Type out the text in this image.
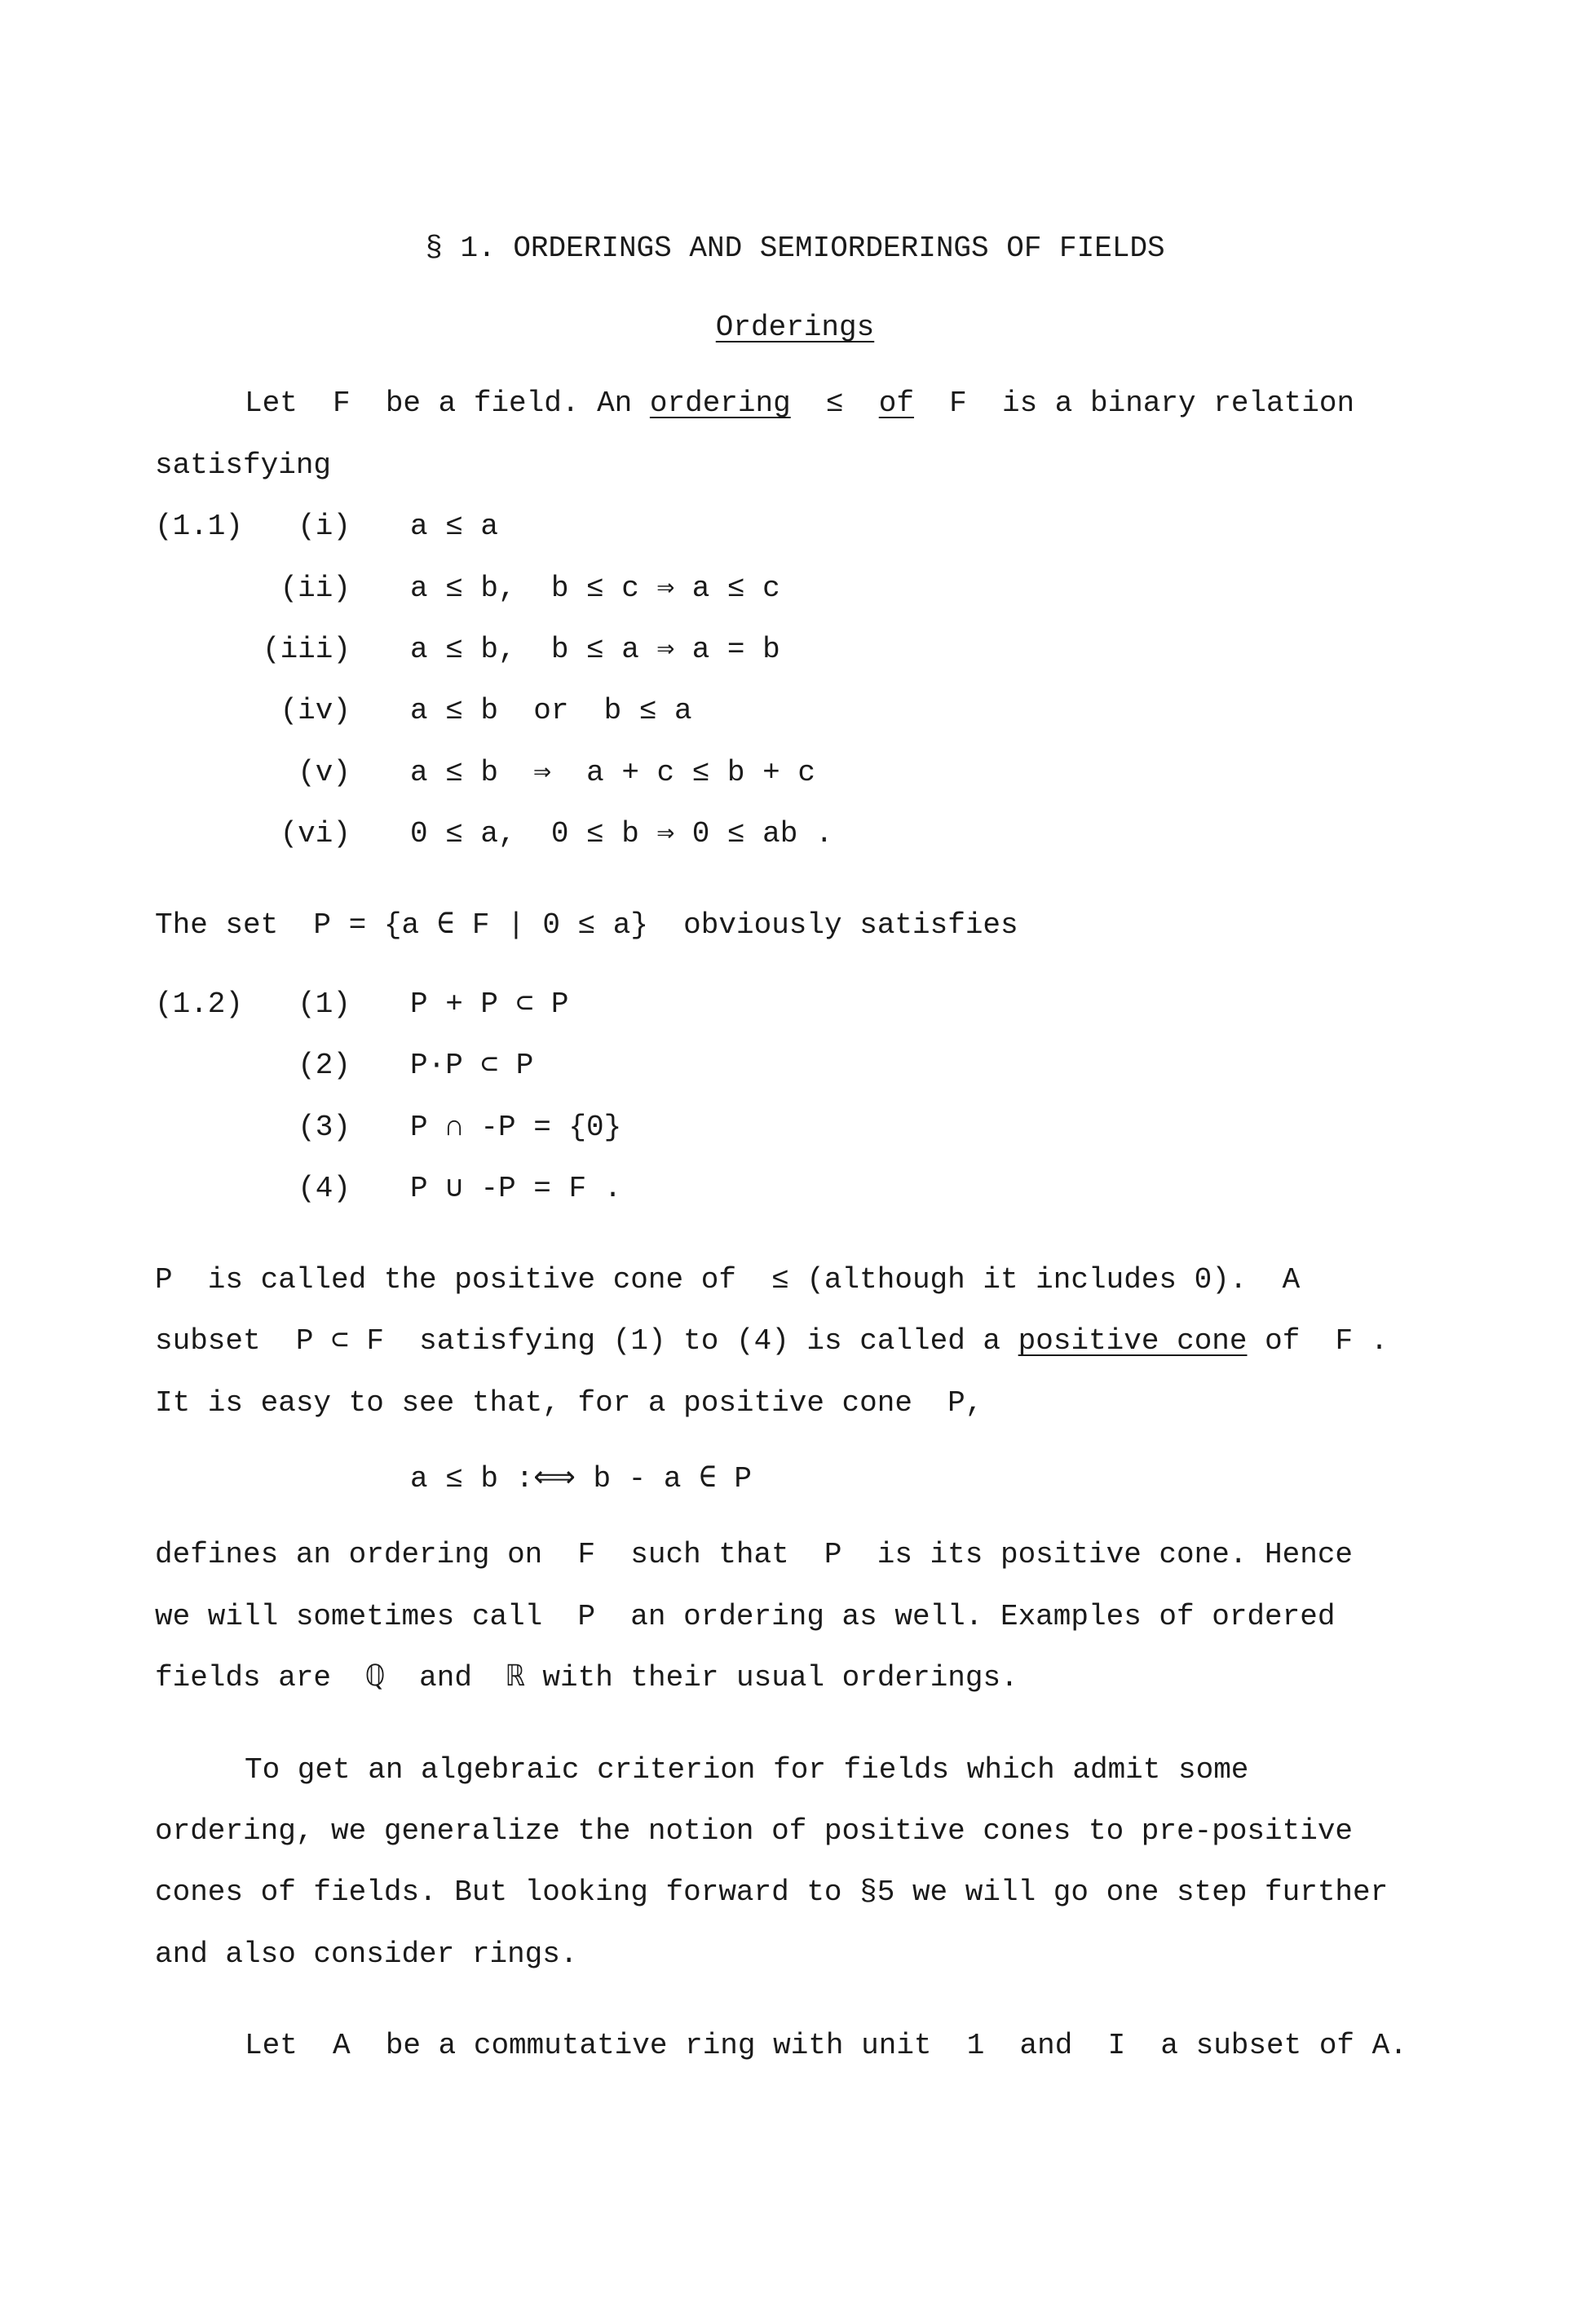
§ 1. ORDERINGS AND SEMIORDERINGS OF FIELDS
Orderings
Let  F  be a field. An ordering  ≤  of  F  is a binary relation
satisfying
(1.1) (i) a ≤ a
(ii) a ≤ b,  b ≤ c ⇒ a ≤ c
(iii) a ≤ b,  b ≤ a ⇒ a = b
(iv) a ≤ b  or  b ≤ a
(v) a ≤ b  ⇒  a + c ≤ b + c
(vi) 0 ≤ a,  0 ≤ b ⇒ 0 ≤ ab .
The set  P = {a ∈ F | 0 ≤ a}  obviously satisfies
(1.2) (1) P + P ⊂ P
(2) P·P ⊂ P
(3) P ∩ -P = {0}
(4) P ∪ -P = F .
P  is called the positive cone of  ≤ (although it includes 0).  A
subset  P ⊂ F  satisfying (1) to (4) is called a positive cone of  F .
It is easy to see that, for a positive cone  P,
a ≤ b :⟺ b - a ∈ P
defines an ordering on  F  such that  P  is its positive cone. Hence
we will sometimes call  P  an ordering as well. Examples of ordered
fields are  ℚ  and  ℝ with their usual orderings.
To get an algebraic criterion for fields which admit some
ordering, we generalize the notion of positive cones to pre-positive
cones of fields. But looking forward to §5 we will go one step further
and also consider rings.
Let  A  be a commutative ring with unit  1  and  I  a subset of A.
